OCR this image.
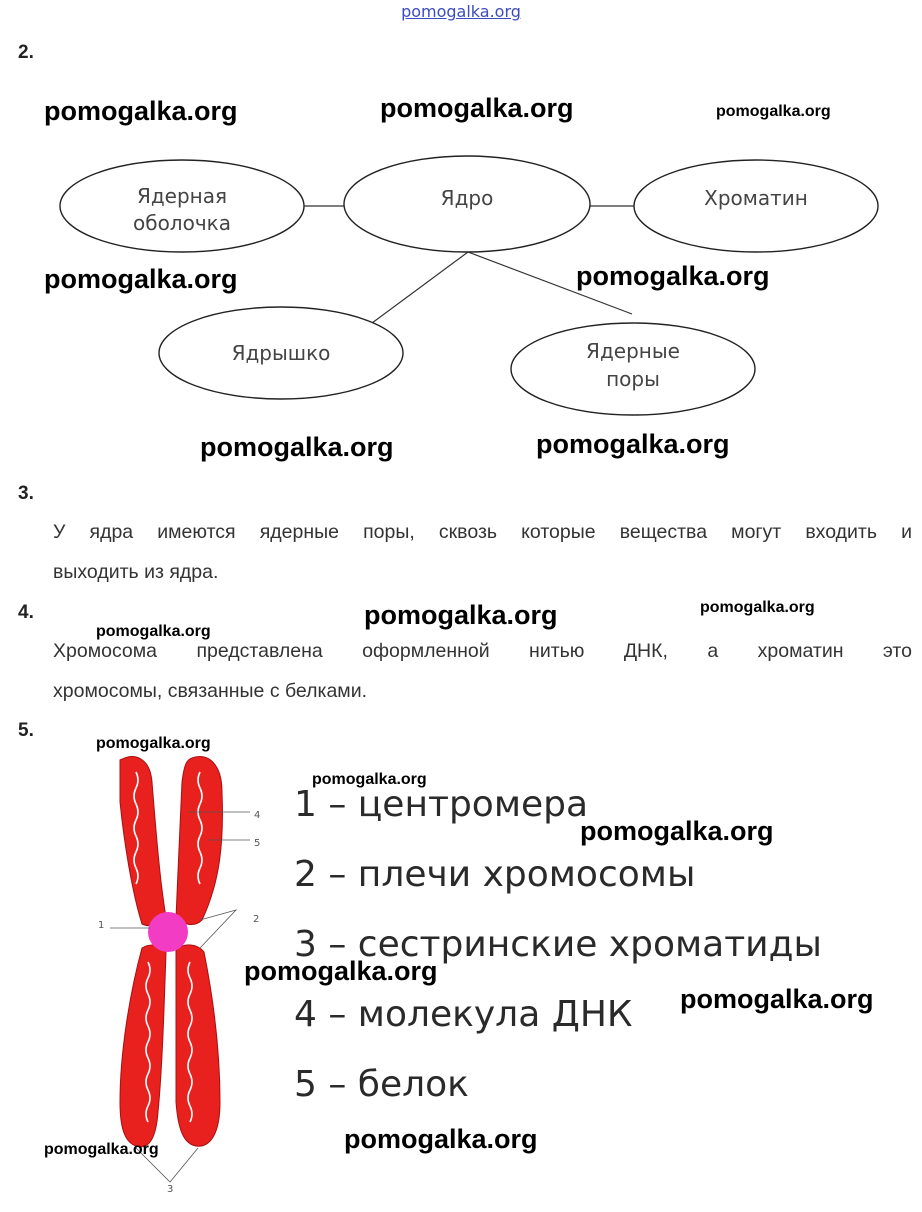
pomogalka.org
2.
Ядерная
оболочка
Ядро	Хроматин
Ядрышко	Ядерные
поры
3.
У ядра имеются ядерные поры, сквозь которые вещества могут входить и
выходить из ядра.
4.
Хромосома представлена оформленной нитью ДНК, а хроматин это
хромосомы, связанные с белками.
5.
1
2
3
4
5
1 – центромера
2 – плечи хромосомы
3 – сестринские хроматиды
4 – молекула ДНК
5 – белок
pomogalka.org	pomogalka.org	pomogalka.org
pomogalka.org	pomogalka.org
pomogalka.org	pomogalka.org
pomogalka.org	pomogalka.org
pomogalka.org
pomogalka.org
pomogalka.org
pomogalka.org
pomogalka.org
pomogalka.org
pomogalka.org
pomogalka.org
